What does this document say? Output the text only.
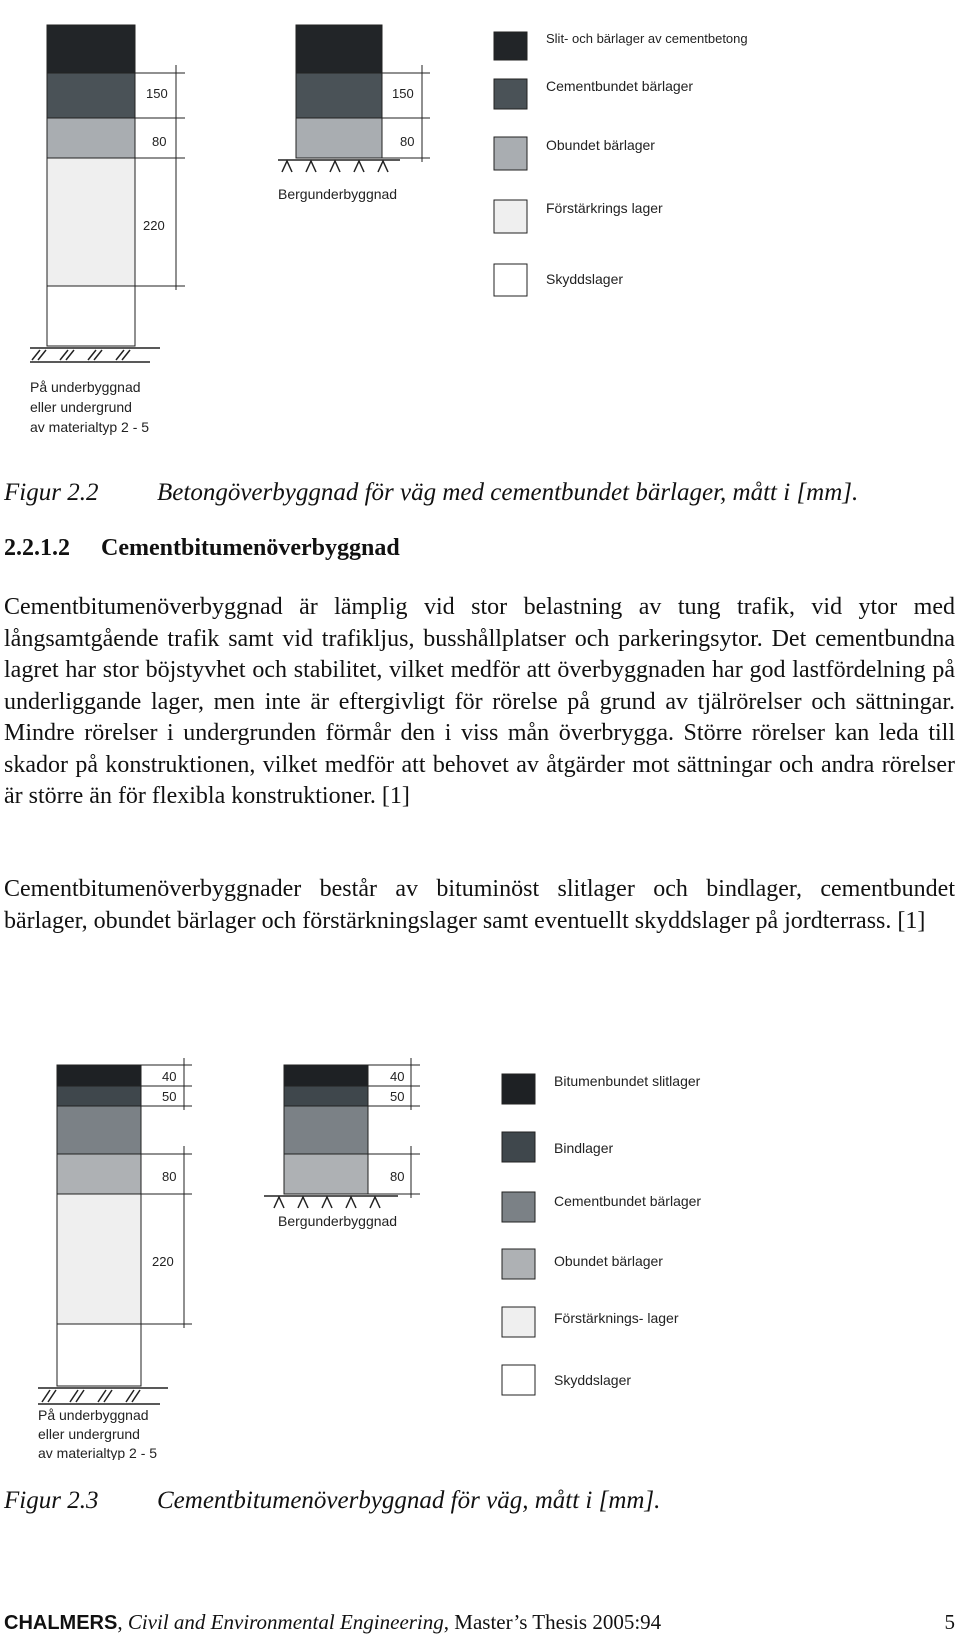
150
80
220
På underbyggnad
eller undergrund
av materialtyp 2 - 5
150
80
Bergunderbyggnad
Slit- och bärlager av cementbetong
Cementbundet bärlager
Obundet bärlager
Förstärkrings lager
Skyddslager
Figur 2.2 Betongöverbyggnad för väg med cementbundet bärlager, mått i [mm].
2.2.1.2 Cementbitumenöverbyggnad

Cementbitumenöverbyggnad är lämplig vid stor belastning av tung trafik, vid ytor med långsamtgående trafik samt vid trafikljus, busshållplatser och parkeringsytor. Det cementbundna lagret har stor böjstyvhet och stabilitet, vilket medför att överbyggnaden har god lastfördelning på underliggande lager, men inte är eftergivligt för rörelse på grund av tjälrörelser och sättningar. Mindre rörelser i undergrunden förmår den i viss mån överbrygga. Större rörelser kan leda till skador på konstruktionen, vilket medför att behovet av åtgärder mot sättningar och andra rörelser är större än för flexibla konstruktioner. [1]

Cementbitumenöverbyggnader består av bituminöst slitlager och bindlager, cementbundet bärlager, obundet bärlager och förstärkningslager samt eventuellt skyddslager på jordterrass. [1]

40
50
80
220
På underbyggnad
eller undergrund
av materialtyp 2 - 5
40
50
80
Bergunderbyggnad
Bitumenbundet slitlager
Bindlager
Cementbundet bärlager
Obundet bärlager
Förstärknings- lager
Skyddslager
Figur 2.3 Cementbitumenöverbyggnad för väg, mått i [mm].
CHALMERS, Civil and Environmental Engineering, Master’s Thesis 2005:94	5
